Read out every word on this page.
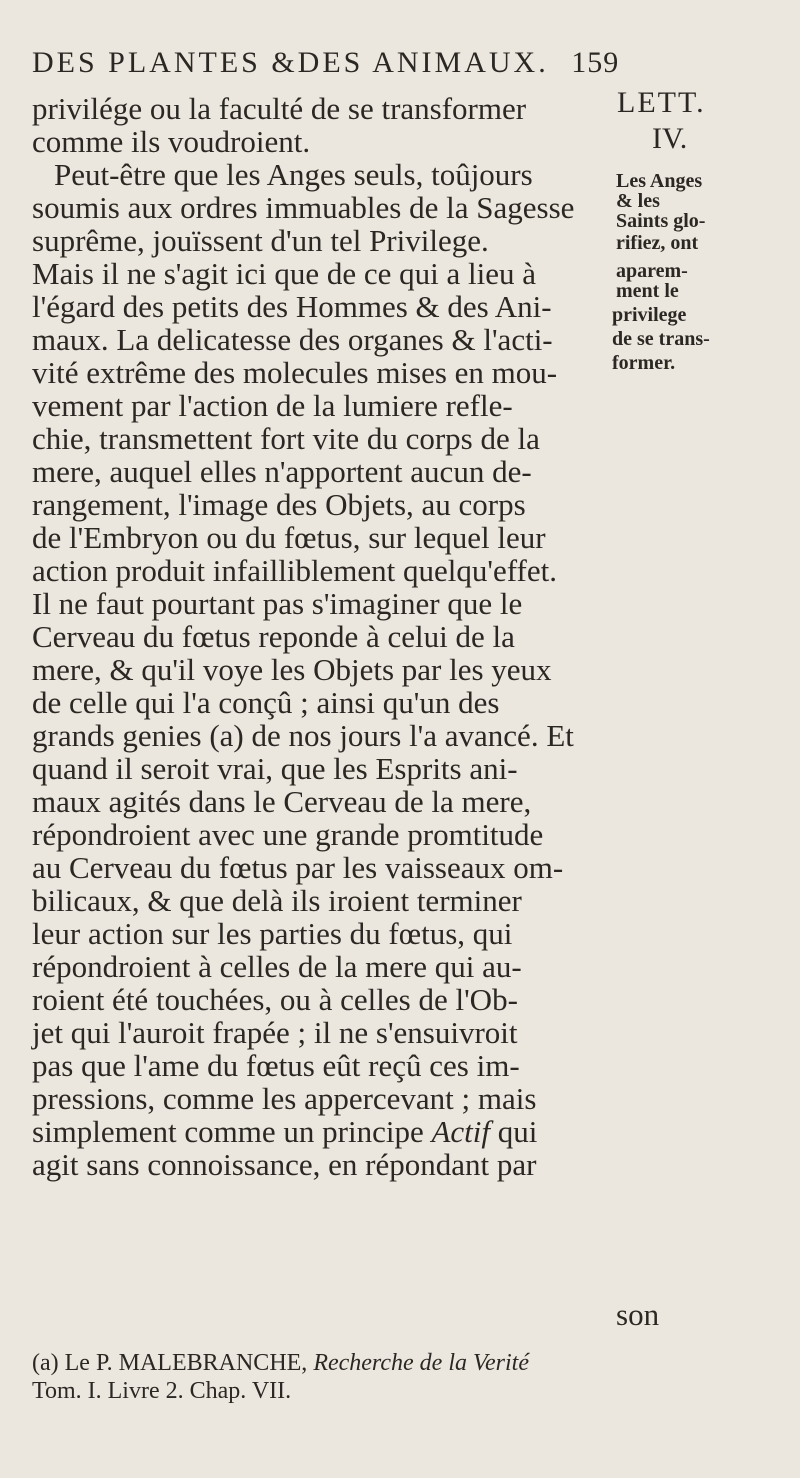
DES PLANTES &DES ANIMAUX. 159
privilége ou la faculté de se transformer
comme ils voudroient.
Peut-être que les Anges seuls, toûjours
soumis aux ordres immuables de la Sagesse
suprême, jouïssent d'un tel Privilege.
Mais il ne s'agit ici que de ce qui a lieu à
l'égard des petits des Hommes & des Ani-
maux. La delicatesse des organes & l'acti-
vité extrême des molecules mises en mou-
vement par l'action de la lumiere refle-
chie, transmettent fort vite du corps de la
mere, auquel elles n'apportent aucun de-
rangement, l'image des Objets, au corps
de l'Embryon ou du fœtus, sur lequel leur
action produit infailliblement quelqu'effet.
Il ne faut pourtant pas s'imaginer que le
Cerveau du fœtus reponde à celui de la
mere, & qu'il voye les Objets par les yeux
de celle qui l'a conçû ; ainsi qu'un des
grands genies (a) de nos jours l'a avancé. Et
quand il seroit vrai, que les Esprits ani-
maux agités dans le Cerveau de la mere,
répondroient avec une grande promtitude
au Cerveau du fœtus par les vaisseaux om-
bilicaux, & que delà ils iroient terminer
leur action sur les parties du fœtus, qui
répondroient à celles de la mere qui au-
roient été touchées, ou à celles de l'Ob-
jet qui l'auroit frapée ; il ne s'ensuivroit
pas que l'ame du fœtus eût reçû ces im-
pressions, comme les appercevant ; mais
simplement comme un principe Actif qui
agit sans connoissance, en répondant par
LETT.
IV.
Les Anges
& les
Saints glo-
rifiez, ont
aparem-
ment le
privilege
de se trans-
former.
son
(a) Le P. MALEBRANCHE, Recherche de la Verité
Tom. I. Livre 2. Chap. VII.
